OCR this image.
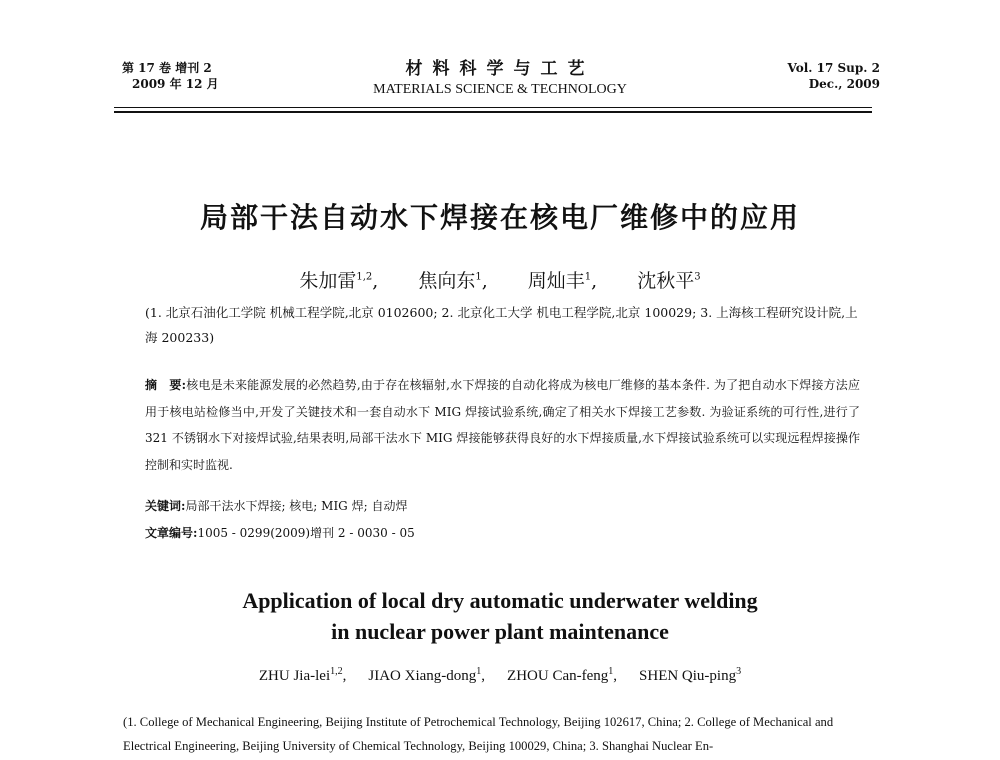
第 17 卷 增刊 2
2009 年 12 月
材料科学与工艺
MATERIALS SCIENCE & TECHNOLOGY
Vol. 17 Sup. 2
Dec., 2009
局部干法自动水下焊接在核电厂维修中的应用
朱加雷$^{1,2}$, 焦向东$^1$, 周灿丰$^1$, 沈秋平$^3$
(1. 北京石油化工学院 机械工程学院,北京 0102600; 2. 北京化工大学 机电工程学院,北京 100029; 3. 上海核工程研究设计院,上海 200233)
摘　要:核电是未来能源发展的必然趋势,由于存在核辐射,水下焊接的自动化将成为核电厂维修的基本条件. 为了把自动水下焊接方法应用于核电站检修当中,开发了关键技术和一套自动水下 MIG 焊接试验系统,确定了相关水下焊接工艺参数. 为验证系统的可行性,进行了 321 不锈钢水下对接焊试验,结果表明,局部干法水下 MIG 焊接能够获得良好的水下焊接质量,水下焊接试验系统可以实现远程焊接操作控制和实时监视.
关键词:局部干法水下焊接; 核电; MIG 焊; 自动焊
文章编号:1005 - 0299(2009)增刊 2 - 0030 - 05
Application of local dry automatic underwater welding
in nuclear power plant maintenance
ZHU Jia-lei$^{1,2}$, JIAO Xiang-dong$^1$, ZHOU Can-feng$^1$, SHEN Qiu-ping$^3$
(1. College of Mechanical Engineering, Beijing Institute of Petrochemical Technology, Beijing 102617, China; 2. College of Mechanical and Electrical Engineering, Beijing University of Chemical Technology, Beijing 100029, China; 3. Shanghai Nuclear En-
